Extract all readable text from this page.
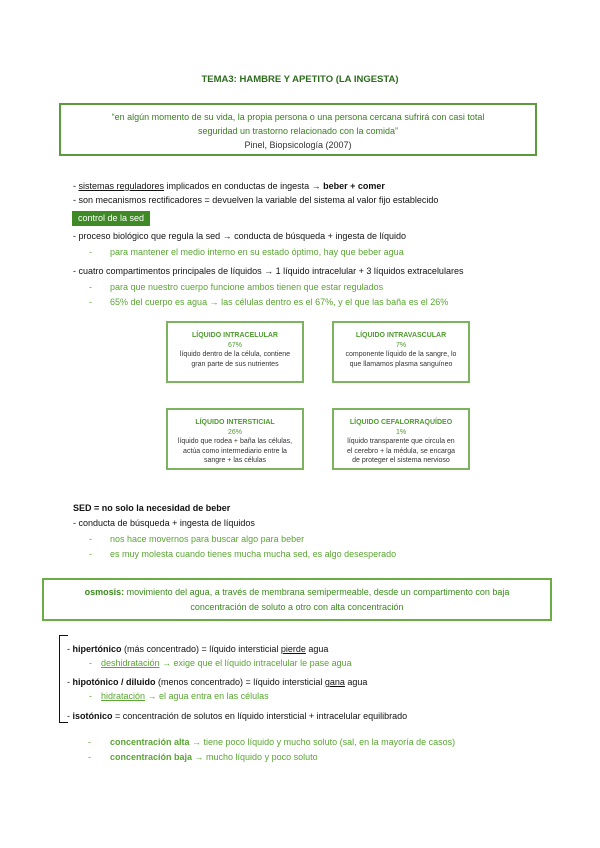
TEMA3: HAMBRE Y APETITO (LA INGESTA)
“en algún momento de su vida, la propia persona o una persona cercana sufrirá con casi total
seguridad un trastorno relacionado con la comida”
Pinel, Biopsicología (2007)
- sistemas reguladores implicados en conductas de ingesta → beber + comer
- son mecanismos rectificadores = devuelven la variable del sistema al valor fijo establecido
control de la sed
- proceso biológico que regula la sed → conducta de búsqueda + ingesta de líquido
- para mantener el medio interno en su estado óptimo, hay que beber agua
- cuatro compartimentos principales de líquidos → 1 líquido intracelular + 3 líquidos extracelulares
- para que nuestro cuerpo funcione ambos tienen que estar regulados
- 65% del cuerpo es agua → las células dentro es el 67%, y el que las baña es el 26%
LÍQUIDO INTRACELULAR
67%
líquido dentro de la célula, contiene
gran parte de sus nutrientes
LÍQUIDO INTRAVASCULAR
7%
componente líquido de la sangre, lo
que llamamos plasma sanguíneo
LÍQUIDO INTERSTICIAL
26%
líquido que rodea + baña las células,
actúa como intermediario entre la
sangre + las células
LÍQUIDO CEFALORRAQUÍDEO
1%
líquido transparente que circula en
el cerebro + la médula, se encarga
de proteger el sistema nervioso
SED = no solo la necesidad de beber
- conducta de búsqueda + ingesta de líquidos
- nos hace movernos para buscar algo para beber
- es muy molesta cuando tienes mucha mucha sed, es algo desesperado
osmosis: movimiento del agua, a través de membrana semipermeable, desde un compartimento con baja
concentración de soluto a otro con alta concentración
- hipertónico (más concentrado) = líquido intersticial pierde agua
- deshidratación → exige que el líquido intracelular le pase agua
- hipotónico / diluido (menos concentrado) = líquido intersticial gana agua
- hidratación → el agua entra en las células
- isotónico = concentración de solutos en líquido intersticial + intracelular equilibrado
- concentración alta → tiene poco líquido y mucho soluto (sal, en la mayoría de casos)
- concentración baja → mucho líquido y poco soluto
